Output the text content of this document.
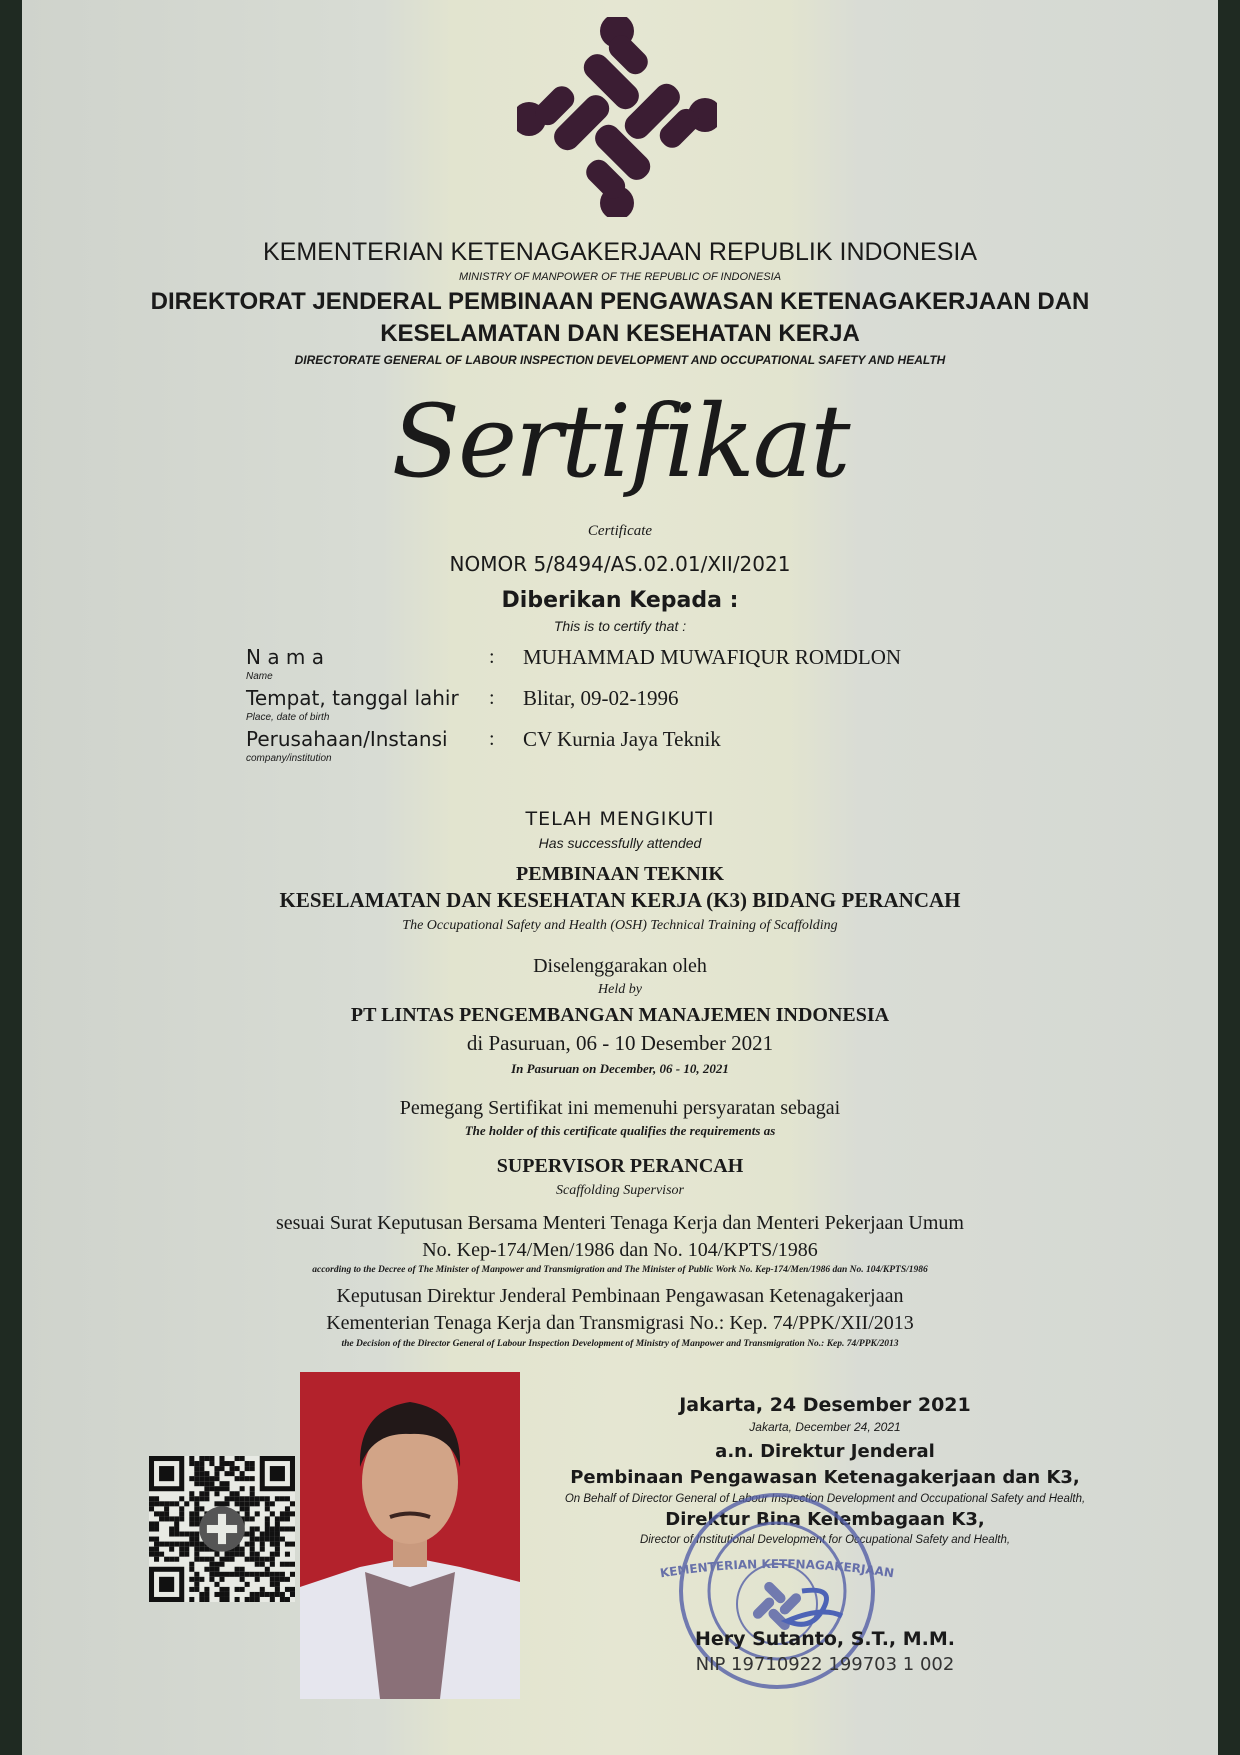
KEMENTERIAN KETENAGAKERJAAN REPUBLIK INDONESIA
MINISTRY OF MANPOWER OF THE REPUBLIC OF INDONESIA
DIREKTORAT JENDERAL PEMBINAAN PENGAWASAN KETENAGAKERJAAN DAN
KESELAMATAN DAN KESEHATAN KERJA
DIRECTORATE GENERAL OF LABOUR INSPECTION DEVELOPMENT AND OCCUPATIONAL SAFETY AND HEALTH
Sertifikat
Certificate
NOMOR 5/8494/AS.02.01/XII/2021
Diberikan Kepada :
This is to certify that :
N a m a
Name
: MUHAMMAD MUWAFIQUR ROMDLON
Tempat, tanggal lahir
Place, date of birth
: Blitar, 09-02-1996
Perusahaan/Instansi
company/institution
: CV Kurnia Jaya Teknik
TELAH MENGIKUTI
Has successfully attended
PEMBINAAN TEKNIK
KESELAMATAN DAN KESEHATAN KERJA (K3) BIDANG PERANCAH
The Occupational Safety and Health (OSH) Technical Training of Scaffolding
Diselenggarakan oleh
Held by
PT LINTAS PENGEMBANGAN MANAJEMEN INDONESIA
di Pasuruan, 06 - 10 Desember 2021
In Pasuruan on December, 06 - 10, 2021
Pemegang Sertifikat ini memenuhi persyaratan sebagai
The holder of this certificate qualifies the requirements as
SUPERVISOR PERANCAH
Scaffolding Supervisor
sesuai Surat Keputusan Bersama Menteri Tenaga Kerja dan Menteri Pekerjaan Umum
No. Kep-174/Men/1986 dan No. 104/KPTS/1986
according to the Decree of The Minister of Manpower and Transmigration and The Minister of Public Work No. Kep-174/Men/1986 dan No. 104/KPTS/1986
Keputusan Direktur Jenderal Pembinaan Pengawasan Ketenagakerjaan
Kementerian Tenaga Kerja dan Transmigrasi No.: Kep. 74/PPK/XII/2013
the Decision of the Director General of Labour Inspection Development of Ministry of Manpower and Transmigration No.: Kep. 74/PPK/2013
Jakarta, 24 Desember 2021
Jakarta, December 24, 2021
a.n. Direktur Jenderal
Pembinaan Pengawasan Ketenagakerjaan dan K3,
On Behalf of Director General of Labour Inspection Development and Occupational Safety and Health,
Direktur Bina Kelembagaan K3,
Director of Institutional Development for Occupational Safety and Health,
KEMENTERIAN KETENAGAKERJAAN
Hery Sutanto, S.T., M.M.
NIP 19710922 199703 1 002
